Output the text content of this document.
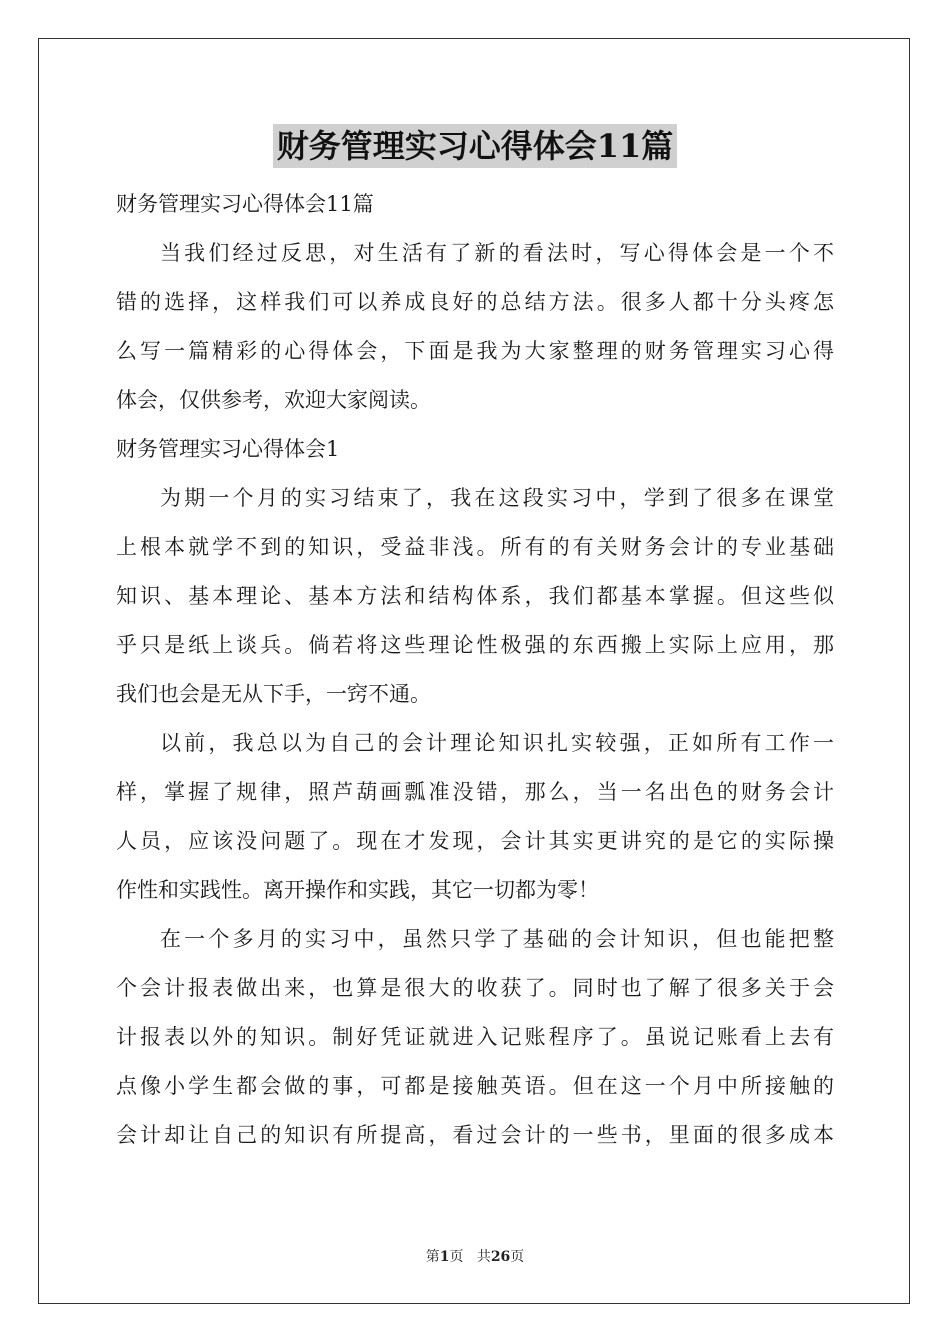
财务管理实习心得体会11篇
财务管理实习心得体会11篇
当我们经过反思，对生活有了新的看法时，写心得体会是一个不
错的选择，这样我们可以养成良好的总结方法。很多人都十分头疼怎
么写一篇精彩的心得体会，下面是我为大家整理的财务管理实习心得
体会，仅供参考，欢迎大家阅读。
财务管理实习心得体会1
为期一个月的实习结束了，我在这段实习中，学到了很多在课堂
上根本就学不到的知识，受益非浅。所有的有关财务会计的专业基础
知识、基本理论、基本方法和结构体系，我们都基本掌握。但这些似
乎只是纸上谈兵。倘若将这些理论性极强的东西搬上实际上应用，那
我们也会是无从下手，一窍不通。
以前，我总以为自己的会计理论知识扎实较强，正如所有工作一
样，掌握了规律，照芦葫画瓢准没错，那么，当一名出色的财务会计
人员，应该没问题了。现在才发现，会计其实更讲究的是它的实际操
作性和实践性。离开操作和实践，其它一切都为零！
在一个多月的实习中，虽然只学了基础的会计知识，但也能把整
个会计报表做出来，也算是很大的收获了。同时也了解了很多关于会
计报表以外的知识。制好凭证就进入记账程序了。虽说记账看上去有
点像小学生都会做的事，可都是接触英语。但在这一个月中所接触的
会计却让自己的知识有所提高，看过会计的一些书，里面的很多成本
第1页 共26页
